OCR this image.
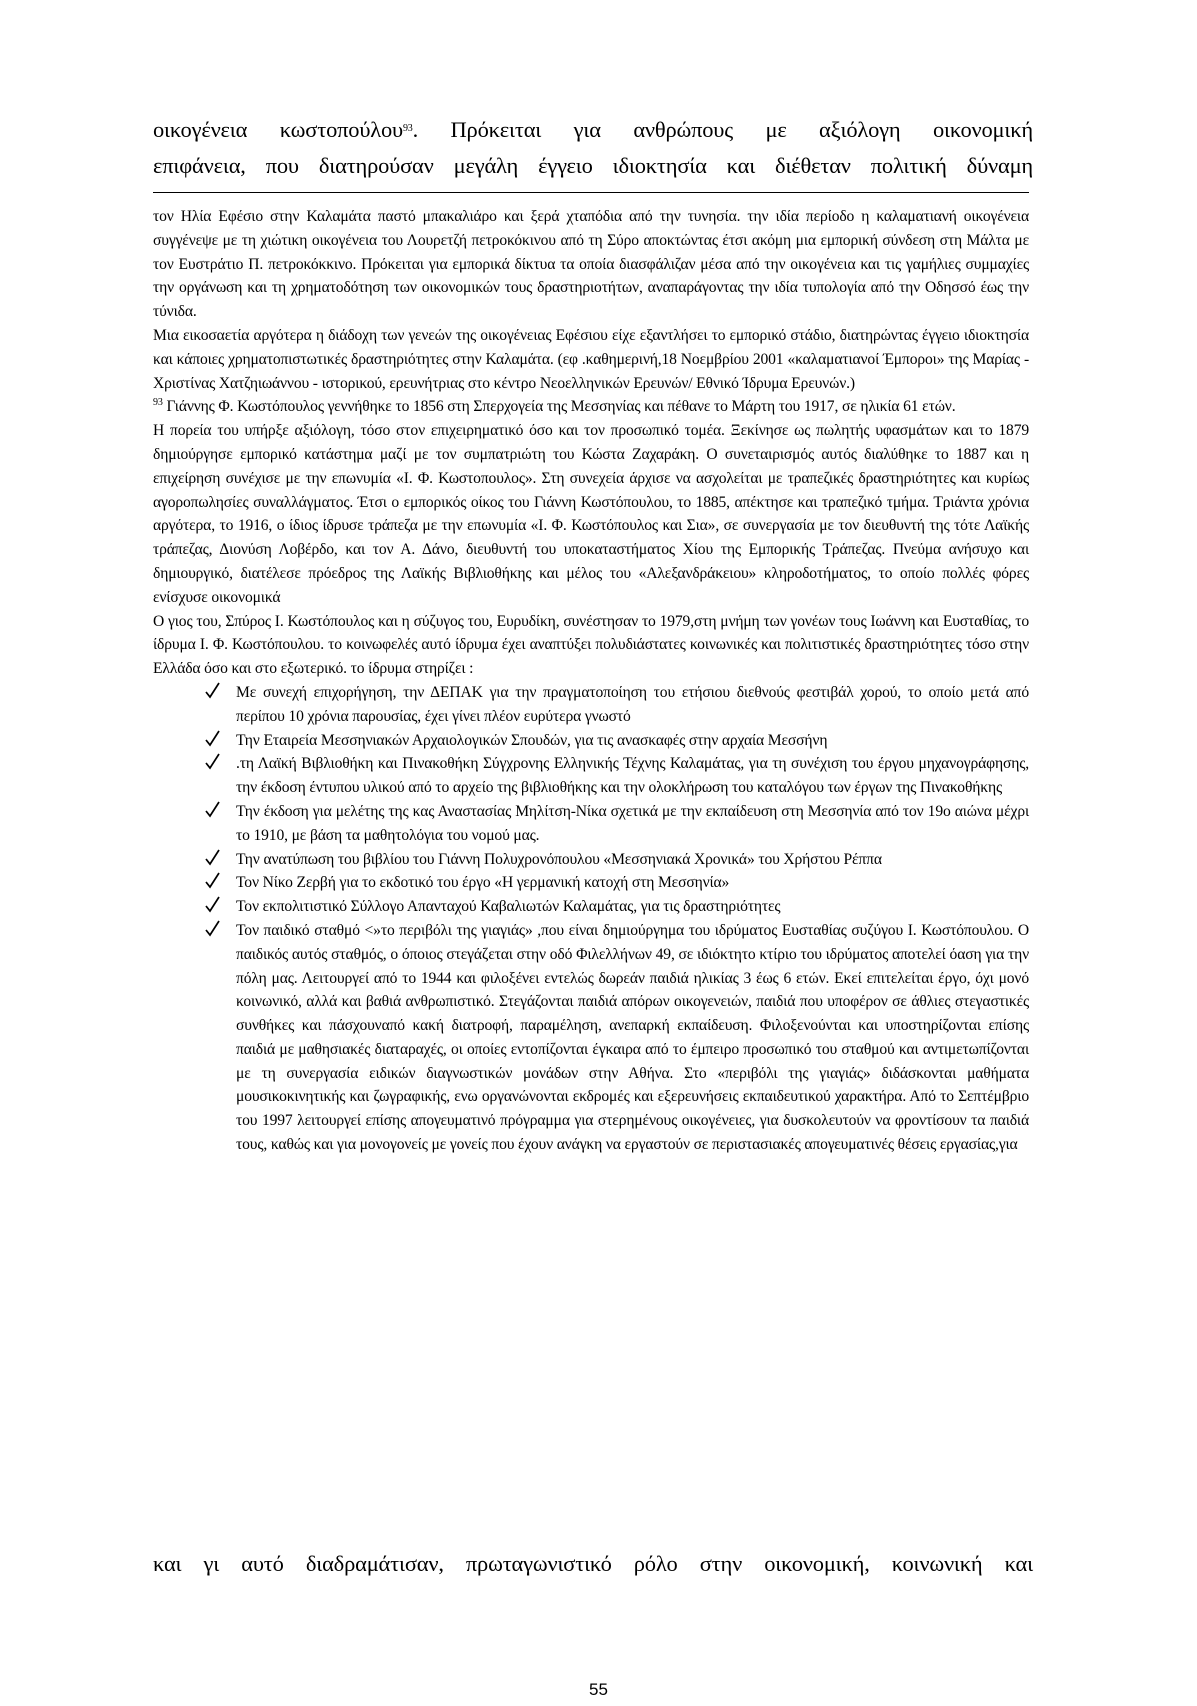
οικογένεια κωστοπούλου$^{93}$. Πρόκειται για ανθρώπους με αξιόλογη οικονομική
επιφάνεια, που διατηρούσαν μεγάλη έγγειο ιδιοκτησία και διέθεταν πολιτική δύναμη

τον Ηλία Εφέσιο στην Καλαμάτα παστό μπακαλιάρο και ξερά χταπόδια από την τυνησία. την ιδία περίοδο η καλαματιανή οικογένεια συγγένεψε με τη χιώτικη οικογένεια του Λουρετζή πετροκόκινου από τη Σύρο αποκτώντας έτσι ακόμη μια εμπορική σύνδεση στη Μάλτα με τον Ευστράτιο Π. πετροκόκκινο. Πρόκειται για εμπορικά δίκτυα τα οποία διασφάλιζαν μέσα από την οικογένεια και τις γαμήλιες συμμαχίες την οργάνωση και τη χρηματοδότηση των οικονομικών τους δραστηριοτήτων, αναπαράγοντας την ιδία τυπολογία από την Οδησσό έως την τύνιδα.

Μια εικοσαετία αργότερα η διάδοχη των γενεών της οικογένειας Εφέσιου είχε εξαντλήσει το εμπορικό στάδιο, διατηρώντας έγγειο ιδιοκτησία και κάποιες χρηματοπιστωτικές δραστηριότητες στην Καλαμάτα. (εφ .καθημερινή,18 Νοεμβρίου 2001 «καλαματιανοί Έμποροι» της Μαρίας - Χριστίνας Χατζηιωάννου - ιστορικού, ερευνήτριας στο κέντρο Νεοελληνικών Ερευνών/ Εθνικό Ίδρυμα Ερευνών.)

$^{93}$ Γιάννης Φ. Κωστόπουλος γεννήθηκε το 1856 στη Σπερχογεία της Μεσσηνίας και πέθανε το Μάρτη του 1917, σε ηλικία 61 ετών.

Η πορεία του υπήρξε αξιόλογη, τόσο στον επιχειρηματικό όσο και τον προσωπικό τομέα. Ξεκίνησε ως πωλητής υφασμάτων και το 1879 δημιούργησε εμπορικό κατάστημα μαζί με τον συμπατριώτη του Κώστα Ζαχαράκη. Ο συνεταιρισμός αυτός διαλύθηκε το 1887 και η επιχείρηση συνέχισε με την επωνυμία «Ι. Φ. Κωστοπουλος». Στη συνεχεία άρχισε να ασχολείται με τραπεζικές δραστηριότητες και κυρίως αγοροπωλησίες συναλλάγματος. Έτσι ο εμπορικός οίκος του Γιάννη Κωστόπουλου, το 1885, απέκτησε και τραπεζικό τμήμα. Τριάντα χρόνια αργότερα, το 1916, ο ίδιος ίδρυσε τράπεζα με την επωνυμία «Ι. Φ. Κωστόπουλος και Σια», σε συνεργασία με τον διευθυντή της τότε Λαϊκής τράπεζας, Διονύση Λοβέρδο, και τον Α. Δάνο, διευθυντή του υποκαταστήματος Χίου της Εμπορικής Τράπεζας. Πνεύμα ανήσυχο και δημιουργικό, διατέλεσε πρόεδρος της Λαϊκής Βιβλιοθήκης και μέλος του «Αλεξανδράκειου» κληροδοτήματος, το οποίο πολλές φόρες ενίσχυσε οικονομικά

Ο γιος του, Σπύρος Ι. Κωστόπουλος και η σύζυγος του, Ευρυδίκη, συνέστησαν το 1979,στη μνήμη των γονέων τους Ιωάννη και Ευσταθίας, το ίδρυμα Ι. Φ. Κωστόπουλου. το κοινωφελές αυτό ίδρυμα έχει αναπτύξει πολυδιάστατες κοινωνικές και πολιτιστικές δραστηριότητες τόσο στην Ελλάδα όσο και στο εξωτερικό. το ίδρυμα στηρίζει :

Με συνεχή επιχορήγηση, την ΔΕΠΑΚ για την πραγματοποίηση του ετήσιου διεθνούς φεστιβάλ χορού, το οποίο μετά από περίπου 10 χρόνια παρουσίας, έχει γίνει πλέον ευρύτερα γνωστό
Την Εταιρεία Μεσσηνιακών Αρχαιολογικών Σπουδών, για τις ανασκαφές στην αρχαία Μεσσήνη
.τη Λαϊκή Βιβλιοθήκη και Πινακοθήκη Σύγχρονης Ελληνικής Τέχνης Καλαμάτας, για τη συνέχιση του έργου μηχανογράφησης, την έκδοση έντυπου υλικού από το αρχείο της βιβλιοθήκης και την ολοκλήρωση του καταλόγου των έργων της Πινακοθήκης
Την έκδοση για μελέτης της κας Αναστασίας Μηλίτση-Νίκα σχετικά με την εκπαίδευση στη Μεσσηνία από τον 19ο αιώνα μέχρι το 1910, με βάση τα μαθητολόγια του νομού μας.
Την ανατύπωση του βιβλίου του Γιάννη Πολυχρονόπουλου «Μεσσηνιακά Χρονικά» του Χρήστου Ρέππα
Τον Νίκο Ζερβή για το εκδοτικό του έργο «Η γερμανική κατοχή στη Μεσσηνία»
Τον εκπολιτιστικό Σύλλογο Απανταχού Καβαλιωτών Καλαμάτας, για τις δραστηριότητες
Τον παιδικό σταθμό <»το περιβόλι της γιαγιάς» ,που είναι δημιούργημα του ιδρύματος Ευσταθίας συζύγου Ι. Κωστόπουλου. Ο παιδικός αυτός σταθμός, ο όποιος στεγάζεται στην οδό Φιλελλήνων 49, σε ιδιόκτητο κτίριο του ιδρύματος αποτελεί όαση για την πόλη μας. Λειτουργεί από το 1944 και φιλοξένει εντελώς δωρεάν παιδιά ηλικίας 3 έως 6 ετών. Εκεί επιτελείται έργο, όχι μονό κοινωνικό, αλλά και βαθιά ανθρωπιστικό. Στεγάζονται παιδιά απόρων οικογενειών, παιδιά που υποφέρον σε άθλιες στεγαστικές συνθήκες και πάσχουναπό κακή διατροφή, παραμέληση, ανεπαρκή εκπαίδευση. Φιλοξενούνται και υποστηρίζονται επίσης παιδιά με μαθησιακές διαταραχές, οι οποίες εντοπίζονται έγκαιρα από το έμπειρο προσωπικό του σταθμού και αντιμετωπίζονται με τη συνεργασία ειδικών διαγνωστικών μονάδων στην Αθήνα. Στο «περιβόλι της γιαγιάς» διδάσκονται μαθήματα μουσικοκινητικής και ζωγραφικής, ενω οργανώνονται εκδρομές και εξερευνήσεις εκπαιδευτικού χαρακτήρα. Από το Σεπτέμβριο του 1997 λειτουργεί επίσης απογευματινό πρόγραμμα για στερημένους οικογένειες, για δυσκολευτούν να φροντίσουν τα παιδιά τους, καθώς και για μονογονείς με γονείς που έχουν ανάγκη να εργαστούν σε περιστασιακές απογευματινές θέσεις εργασίας,για
και γι αυτό διαδραμάτισαν, πρωταγωνιστικό ρόλο στην οικονομική, κοινωνική και
55
